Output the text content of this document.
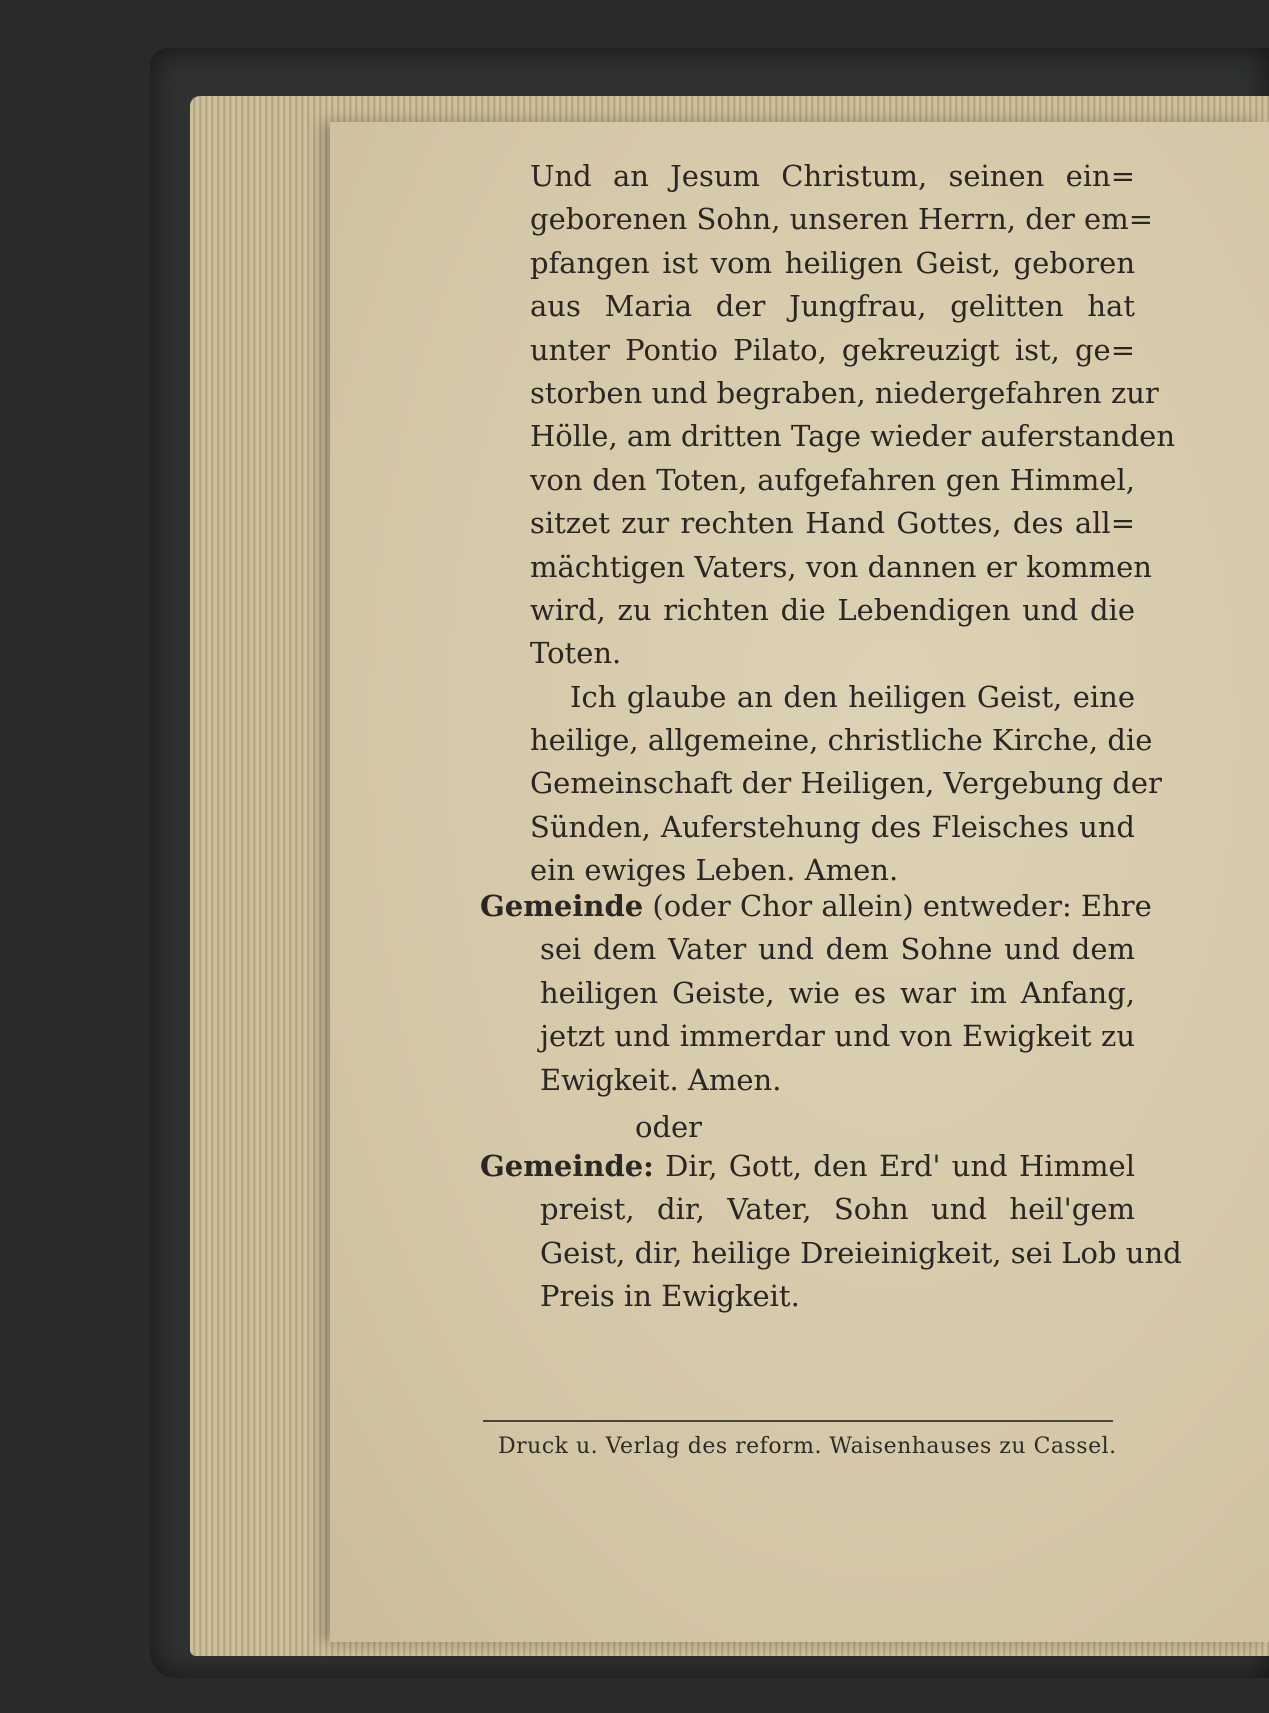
Und an Jesum Christum, seinen ein=
geborenen Sohn, unseren Herrn, der em=
pfangen ist vom heiligen Geist, geboren
aus Maria der Jungfrau, gelitten hat
unter Pontio Pilato, gekreuzigt ist, ge=
storben und begraben, niedergefahren zur
Hölle, am dritten Tage wieder auferstanden
von den Toten, aufgefahren gen Himmel,
sitzet zur rechten Hand Gottes, des all=
mächtigen Vaters, von dannen er kommen
wird, zu richten die Lebendigen und die
Toten.
Ich glaube an den heiligen Geist, eine
heilige, allgemeine, christliche Kirche, die
Gemeinschaft der Heiligen, Vergebung der
Sünden, Auferstehung des Fleisches und
ein ewiges Leben. Amen.
Gemeinde (oder Chor allein) entweder: Ehre
sei dem Vater und dem Sohne und dem
heiligen Geiste, wie es war im Anfang,
jetzt und immerdar und von Ewigkeit zu
Ewigkeit. Amen.
oder
Gemeinde: Dir, Gott, den Erd' und Himmel
preist, dir, Vater, Sohn und heil'gem
Geist, dir, heilige Dreieinigkeit, sei Lob und
Preis in Ewigkeit.
Druck u. Verlag des reform. Waisenhauses zu Cassel.
